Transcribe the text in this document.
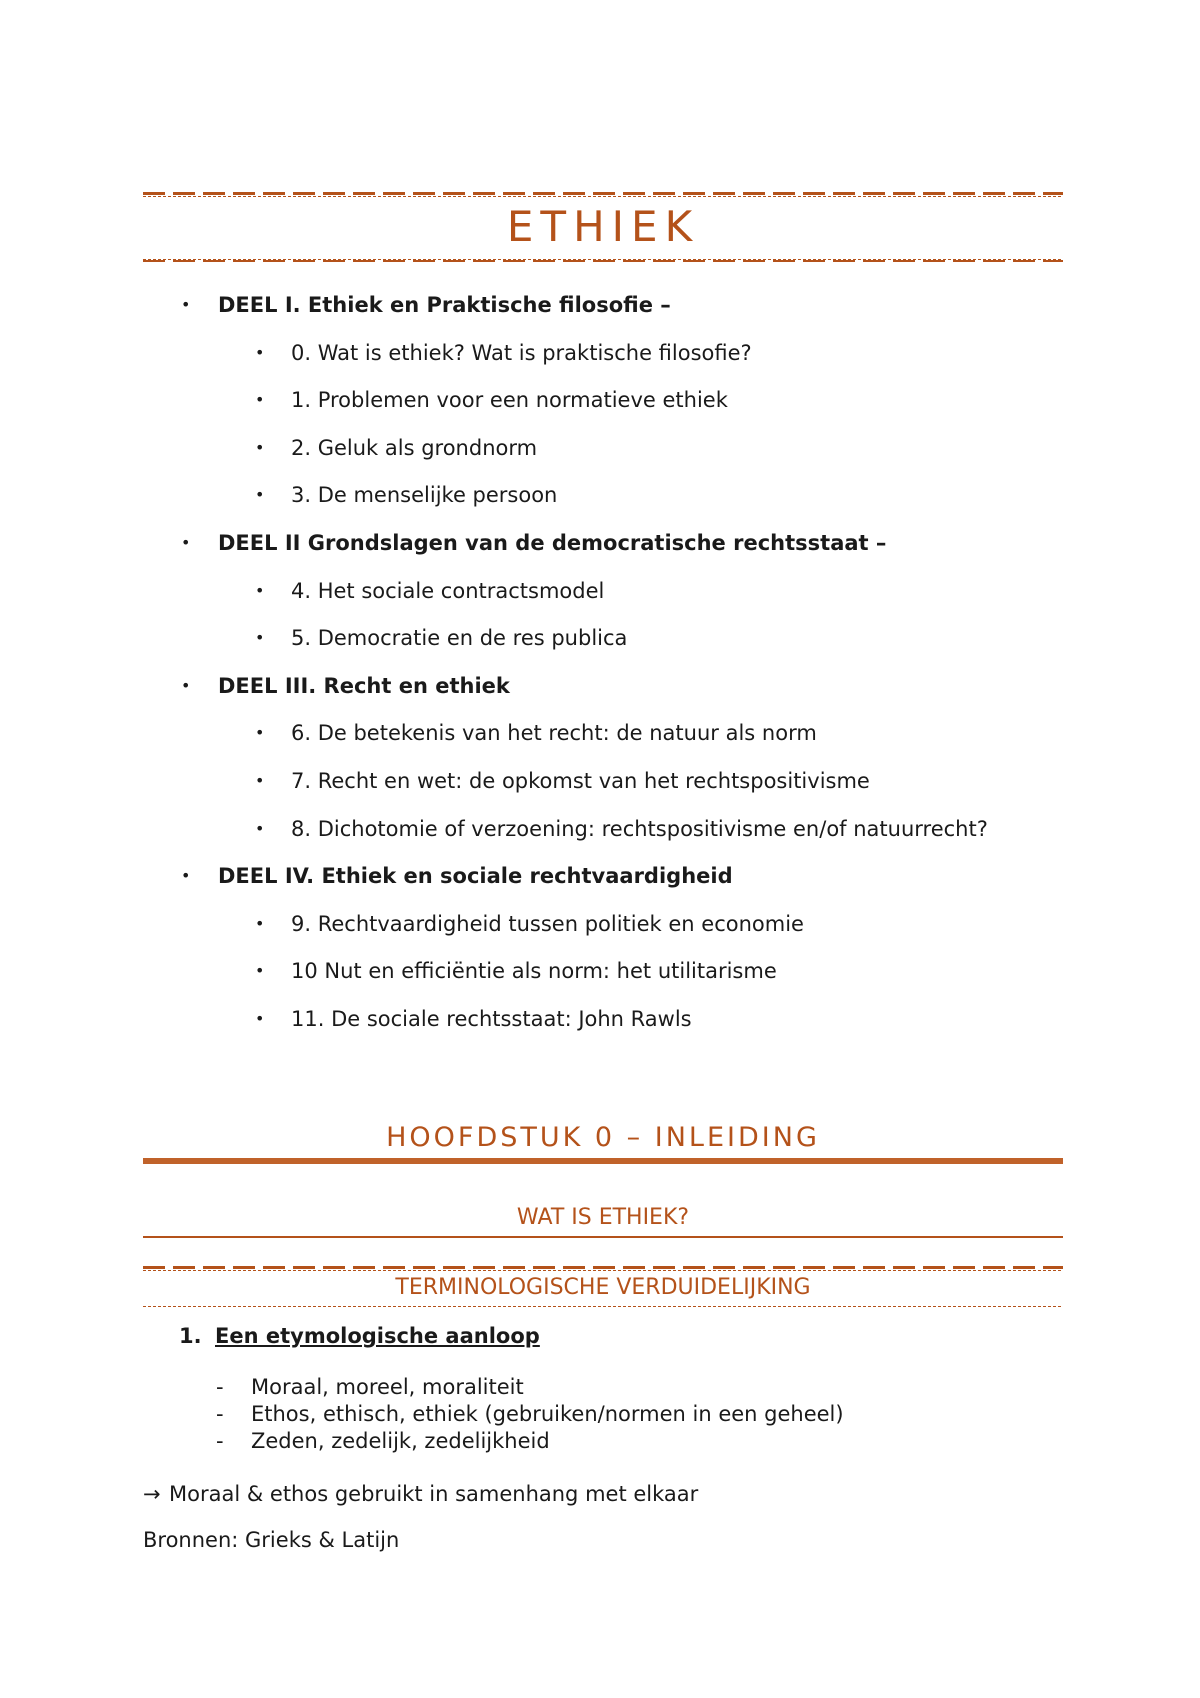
ETHIEK
• DEEL I. Ethiek en Praktische filosofie –
• 0. Wat is ethiek? Wat is praktische filosofie?
• 1. Problemen voor een normatieve ethiek
• 2. Geluk als grondnorm
• 3. De menselijke persoon
• DEEL II Grondslagen van de democratische rechtsstaat –
• 4. Het sociale contractsmodel
• 5. Democratie en de res publica
• DEEL III. Recht en ethiek
• 6. De betekenis van het recht: de natuur als norm
• 7. Recht en wet: de opkomst van het rechtspositivisme
• 8. Dichotomie of verzoening: rechtspositivisme en/of natuurrecht?
• DEEL IV. Ethiek en sociale rechtvaardigheid
• 9. Rechtvaardigheid tussen politiek en economie
• 10 Nut en efficiëntie als norm: het utilitarisme
• 11. De sociale rechtsstaat: John Rawls
HOOFDSTUK 0 – INLEIDING
WAT IS ETHIEK?
TERMINOLOGISCHE VERDUIDELIJKING
1. Een etymologische aanloop
- Moraal, moreel, moraliteit
- Ethos, ethisch, ethiek (gebruiken/normen in een geheel)
- Zeden, zedelijk, zedelijkheid
→ Moraal & ethos gebruikt in samenhang met elkaar
Bronnen: Grieks & Latijn
